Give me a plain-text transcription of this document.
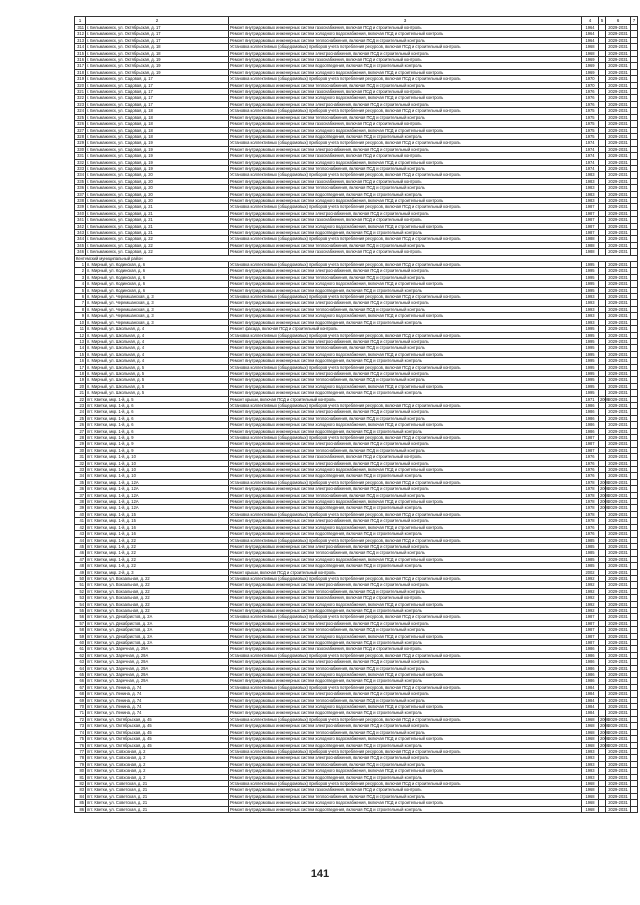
1	2	3	4	5	6	7
311	г. Бельмажинск, ул. Октябрьская, д. 17	Ремонт внутридомовых инженерных систем газоснабжения, включая ПСД и строительный контроль	1964		2029-2031	
312	г. Бельмажинск, ул. Октябрьская, д. 17	Ремонт внутридомовых инженерных систем холодного водоснабжения, включая ПСД и строительный контроль	1964		2029-2031	
313	г. Бельмажинск, ул. Октябрьская, д. 17	Ремонт внутридомовых инженерных систем теплоснабжения, включая ПСД и строительный контроль	1964		2029-2031	
314	г. Бельмажинск, ул. Октябрьская, д. 18	Установка коллективных (общедомовых) приборов учета потребления ресурсов, включая ПСД и строительный контроль	1968		2029-2031	
315	г. Бельмажинск, ул. Октябрьская, д. 18	Ремонт внутридомовых инженерных систем электроснабжения, включая ПСД и строительный контроль	1968		2029-2031	
316	г. Бельмажинск, ул. Октябрьская, д. 19	Ремонт внутридомовых инженерных систем газоснабжения, включая ПСД и строительный контроль	1969		2029-2031	
317	г. Бельмажинск, ул. Октябрьская, д. 19	Ремонт внутридомовых инженерных систем водоотведения, включая ПСД и строительный контроль	1969		2029-2031	
318	г. Бельмажинск, ул. Октябрьская, д. 19	Ремонт внутридомовых инженерных систем холодного водоснабжения, включая ПСД и строительный контроль	1969		2029-2031	
319	г. Бельмажинск, ул. Садовая, д. 17	Установка коллективных (общедомовых) приборов учета потребления ресурсов, включая ПСД и строительный контроль	1970		2029-2031	
320	г. Бельмажинск, ул. Садовая, д. 17	Ремонт внутридомовых инженерных систем теплоснабжения, включая ПСД и строительный контроль	1970		2029-2031	
321	г. Бельмажинск, ул. Садовая, д. 17	Ремонт внутридомовых инженерных систем газоснабжения, включая ПСД и строительный контроль	1976		2029-2031	
322	г. Бельмажинск, ул. Садовая, д. 17	Ремонт внутридомовых инженерных систем холодного водоснабжения, включая ПСД и строительный контроль	1976		2029-2031	
323	г. Бельмажинск, ул. Садовая, д. 17	Ремонт внутридомовых инженерных систем электроснабжения, включая ПСД и строительный контроль	1976		2029-2031	
324	г. Бельмажинск, ул. Садовая, д. 18	Установка коллективных (общедомовых) приборов учета потребления ресурсов, включая ПСД и строительный контроль	1975		2029-2031	
325	г. Бельмажинск, ул. Садовая, д. 18	Ремонт внутридомовых инженерных систем теплоснабжения, включая ПСД и строительный контроль	1975		2029-2031	
326	г. Бельмажинск, ул. Садовая, д. 18	Ремонт внутридомовых инженерных систем газоснабжения, включая ПСД и строительный контроль	1975		2029-2031	
327	г. Бельмажинск, ул. Садовая, д. 18	Ремонт внутридомовых инженерных систем холодного водоснабжения, включая ПСД и строительный контроль	1975		2029-2031	
328	г. Бельмажинск, ул. Садовая, д. 18	Ремонт внутридомовых инженерных систем водоотведения, включая ПСД и строительный контроль	1975		2029-2031	
329	г. Бельмажинск, ул. Садовая, д. 19	Установка коллективных (общедомовых) приборов учета потребления ресурсов, включая ПСД и строительный контроль	1974		2029-2031	
330	г. Бельмажинск, ул. Садовая, д. 19	Ремонт внутридомовых инженерных систем электроснабжения, включая ПСД и строительный контроль	1974		2029-2031	
331	г. Бельмажинск, ул. Садовая, д. 19	Ремонт внутридомовых инженерных систем газоснабжения, включая ПСД и строительный контроль	1974		2029-2031	
332	г. Бельмажинск, ул. Садовая, д. 19	Ремонт внутридомовых инженерных систем холодного водоснабжения, включая ПСД и строительный контроль	1974		2029-2031	
333	г. Бельмажинск, ул. Садовая, д. 19	Ремонт внутридомовых инженерных систем теплоснабжения, включая ПСД и строительный контроль	1974		2029-2031	
334	г. Бельмажинск, ул. Садовая, д. 20	Установка коллективных (общедомовых) приборов учета потребления ресурсов, включая ПСД и строительный контроль	1983		2029-2031	
335	г. Бельмажинск, ул. Садовая, д. 20	Ремонт внутридомовых инженерных систем газоснабжения, включая ПСД и строительный контроль	1983		2029-2031	
336	г. Бельмажинск, ул. Садовая, д. 20	Ремонт внутридомовых инженерных систем теплоснабжения, включая ПСД и строительный контроль	1983		2029-2031	
337	г. Бельмажинск, ул. Садовая, д. 20	Ремонт внутридомовых инженерных систем водоотведения, включая ПСД и строительный контроль	1983		2029-2031	
338	г. Бельмажинск, ул. Садовая, д. 20	Ремонт внутридомовых инженерных систем холодного водоснабжения, включая ПСД и строительный контроль	1983		2029-2031	
339	г. Бельмажинск, ул. Садовая, д. 21	Установка коллективных (общедомовых) приборов учета потребления ресурсов, включая ПСД и строительный контроль	1987		2029-2031	
340	г. Бельмажинск, ул. Садовая, д. 21	Ремонт внутридомовых инженерных систем электроснабжения, включая ПСД и строительный контроль	1987		2029-2031	
341	г. Бельмажинск, ул. Садовая, д. 21	Ремонт внутридомовых инженерных систем газоснабжения, включая ПСД и строительный контроль	1987		2029-2031	
342	г. Бельмажинск, ул. Садовая, д. 21	Ремонт внутридомовых инженерных систем холодного водоснабжения, включая ПСД и строительный контроль	1987		2029-2031	
343	г. Бельмажинск, ул. Садовая, д. 21	Ремонт внутридомовых инженерных систем водоотведения, включая ПСД и строительный контроль	1987		2029-2031	
344	г. Бельмажинск, ул. Садовая, д. 22	Установка коллективных (общедомовых) приборов учета потребления ресурсов, включая ПСД и строительный контроль	1988		2029-2031	
345	г. Бельмажинск, ул. Садовая, д. 22	Ремонт внутридомовых инженерных систем теплоснабжения, включая ПСД и строительный контроль	1988		2029-2031	
346	г. Бельмажинск, ул. Садовая, д. 22	Ремонт внутридомовых инженерных систем газоснабжения, включая ПСД и строительный контроль	1988		2029-2031	
Кентемский муниципальный район						
1	п. Мирный, ул. Кодинская, д. 6	Установка коллективных (общедомовых) приборов учета потребления ресурсов, включая ПСД и строительный контроль	1995		2029-2031	
2	п. Мирный, ул. Кодинская, д. 6	Ремонт внутридомовых инженерных систем электроснабжения, включая ПСД и строительный контроль	1995		2029-2031	
3	п. Мирный, ул. Кодинская, д. 6	Ремонт внутридомовых инженерных систем теплоснабжения, включая ПСД и строительный контроль	1995		2029-2031	
4	п. Мирный, ул. Кодинская, д. 6	Ремонт внутридомовых инженерных систем холодного водоснабжения, включая ПСД и строительный контроль	1995		2029-2031	
5	п. Мирный, ул. Кодинская, д. 6	Ремонт внутридомовых инженерных систем водоотведения, включая ПСД и строительный контроль	1995		2029-2031	
6	п. Мирный, ул. Черемшанская, д. 3	Установка коллективных (общедомовых) приборов учета потребления ресурсов, включая ПСД и строительный контроль	1993		2029-2031	
7	п. Мирный, ул. Черемшанская, д. 3	Ремонт внутридомовых инженерных систем электроснабжения, включая ПСД и строительный контроль	1993		2029-2031	
8	п. Мирный, ул. Черемшанская, д. 3	Ремонт внутридомовых инженерных систем теплоснабжения, включая ПСД и строительный контроль	1993		2029-2031	
9	п. Мирный, ул. Черемшанская, д. 3	Ремонт внутридомовых инженерных систем холодного водоснабжения, включая ПСД и строительный контроль	1993		2029-2031	
10	п. Мирный, ул. Черемшанская, д. 3	Ремонт внутридомовых инженерных систем водоотведения, включая ПСД и строительный контроль	1993		2029-2031	
11	п. Мирный, ул. Школьная, д. 4	Ремонт фасада, включая ПСД и строительный контроль	1995		2029-2031	
12	п. Мирный, ул. Школьная, д. 4	Установка коллективных (общедомовых) приборов учета потребления ресурсов, включая ПСД и строительный контроль	1995		2029-2031	
13	п. Мирный, ул. Школьная, д. 4	Ремонт внутридомовых инженерных систем электроснабжения, включая ПСД и строительный контроль	1995		2029-2031	
14	п. Мирный, ул. Школьная, д. 4	Ремонт внутридомовых инженерных систем теплоснабжения, включая ПСД и строительный контроль	1995		2029-2031	
15	п. Мирный, ул. Школьная, д. 4	Ремонт внутридомовых инженерных систем холодного водоснабжения, включая ПСД и строительный контроль	1995		2029-2031	
16	п. Мирный, ул. Школьная, д. 4	Ремонт внутридомовых инженерных систем водоотведения, включая ПСД и строительный контроль	1995		2029-2031	
17	п. Мирный, ул. Школьная, д. 5	Установка коллективных (общедомовых) приборов учета потребления ресурсов, включая ПСД и строительный контроль	1995		2029-2031	
18	п. Мирный, ул. Школьная, д. 5	Ремонт внутридомовых инженерных систем электроснабжения, включая ПСД и строительный контроль	1995		2029-2031	
19	п. Мирный, ул. Школьная, д. 5	Ремонт внутридомовых инженерных систем теплоснабжения, включая ПСД и строительный контроль	1995		2029-2031	
20	п. Мирный, ул. Школьная, д. 5	Ремонт внутридомовых инженерных систем холодного водоснабжения, включая ПСД и строительный контроль	1995		2029-2031	
21	п. Мирный, ул. Школьная, д. 5	Ремонт внутридомовых инженерных систем водоотведения, включая ПСД и строительный контроль	1995		2029-2031	
22	пгт. Кветки, мкр. 1-й, д. 5	Ремонт крыши, включая ПСД и строительный контроль	1971	2009	2029-2031	
23	пгт. Кветки, мкр. 1-й, д. 6	Установка коллективных (общедомовых) приборов учета потребления ресурсов, включая ПСД и строительный контроль	1986		2029-2031	
24	пгт. Кветки, мкр. 1-й, д. 6	Ремонт внутридомовых инженерных систем электроснабжения, включая ПСД и строительный контроль	1986		2029-2031	
25	пгт. Кветки, мкр. 1-й, д. 6	Ремонт внутридомовых инженерных систем теплоснабжения, включая ПСД и строительный контроль	1986		2029-2031	
26	пгт. Кветки, мкр. 1-й, д. 6	Ремонт внутридомовых инженерных систем холодного водоснабжения, включая ПСД и строительный контроль	1986		2029-2031	
27	пгт. Кветки, мкр. 1-й, д. 6	Ремонт внутридомовых инженерных систем водоотведения, включая ПСД и строительный контроль	1986		2029-2031	
28	пгт. Кветки, мкр. 1-й, д. 9	Установка коллективных (общедомовых) приборов учета потребления ресурсов, включая ПСД и строительный контроль	1987		2029-2031	
29	пгт. Кветки, мкр. 1-й, д. 9	Ремонт внутридомовых инженерных систем электроснабжения, включая ПСД и строительный контроль	1987		2029-2031	
30	пгт. Кветки, мкр. 1-й, д. 9	Ремонт внутридомовых инженерных систем теплоснабжения, включая ПСД и строительный контроль	1987		2029-2031	
31	пгт. Кветки, мкр. 1-й, д. 10	Ремонт внутридомовых инженерных систем газоснабжения, включая ПСД и строительный контроль	1976		2029-2031	
32	пгт. Кветки, мкр. 1-й, д. 10	Ремонт внутридомовых инженерных систем электроснабжения, включая ПСД и строительный контроль	1976		2029-2031	
33	пгт. Кветки, мкр. 1-й, д. 10	Ремонт внутридомовых инженерных систем холодного водоснабжения, включая ПСД и строительный контроль	1976		2029-2031	
34	пгт. Кветки, мкр. 1-й, д. 10	Ремонт внутридомовых инженерных систем водоотведения, включая ПСД и строительный контроль	1976		2029-2031	
35	пгт. Кветки, мкр. 1-й, д. 12А	Установка коллективных (общедомовых) приборов учета потребления ресурсов, включая ПСД и строительный контроль	1978	2008	2029-2031	
36	пгт. Кветки, мкр. 1-й, д. 12А	Ремонт внутридомовых инженерных систем электроснабжения, включая ПСД и строительный контроль	1978	2008	2029-2031	
37	пгт. Кветки, мкр. 1-й, д. 12А	Ремонт внутридомовых инженерных систем теплоснабжения, включая ПСД и строительный контроль	1978	2008	2029-2031	
38	пгт. Кветки, мкр. 1-й, д. 12А	Ремонт внутридомовых инженерных систем холодного водоснабжения, включая ПСД и строительный контроль	1978	2008	2029-2031	
39	пгт. Кветки, мкр. 1-й, д. 12А	Ремонт внутридомовых инженерных систем водоотведения, включая ПСД и строительный контроль	1978	2008	2029-2031	
40	пгт. Кветки, мкр. 1-й, д. 15	Установка коллективных (общедомовых) приборов учета потребления ресурсов, включая ПСД и строительный контроль	1978		2029-2031	
41	пгт. Кветки, мкр. 1-й, д. 15	Ремонт внутридомовых инженерных систем электроснабжения, включая ПСД и строительный контроль	1978		2029-2031	
42	пгт. Кветки, мкр. 1-й, д. 16	Ремонт внутридомовых инженерных систем холодного водоснабжения, включая ПСД и строительный контроль	1976		2029-2031	
43	пгт. Кветки, мкр. 1-й, д. 16	Ремонт внутридомовых инженерных систем водоотведения, включая ПСД и строительный контроль	1976		2029-2031	
44	пгт. Кветки, мкр. 1-й, д. 22	Установка коллективных (общедомовых) приборов учета потребления ресурсов, включая ПСД и строительный контроль	1985		2029-2031	
45	пгт. Кветки, мкр. 1-й, д. 22	Ремонт внутридомовых инженерных систем электроснабжения, включая ПСД и строительный контроль	1985		2029-2031	
46	пгт. Кветки, мкр. 1-й, д. 22	Ремонт внутридомовых инженерных систем теплоснабжения, включая ПСД и строительный контроль	1985		2029-2031	
47	пгт. Кветки, мкр. 1-й, д. 22	Ремонт внутридомовых инженерных систем холодного водоснабжения, включая ПСД и строительный контроль	1985		2029-2031	
48	пгт. Кветки, мкр. 1-й, д. 22	Ремонт внутридомовых инженерных систем водоотведения, включая ПСД и строительный контроль	1985		2029-2031	
49	пгт. Кветки, мкр. 2-й, д. 3	Ремонт крыши, включая ПСД и строительный контроль	2002		2029-2031	
50	пгт. Кветки, ул. Вокзальная, д. 22	Установка коллективных (общедомовых) приборов учета потребления ресурсов, включая ПСД и строительный контроль	1992		2029-2031	
51	пгт. Кветки, ул. Вокзальная, д. 22	Ремонт внутридомовых инженерных систем электроснабжения, включая ПСД и строительный контроль	1992		2029-2031	
52	пгт. Кветки, ул. Вокзальная, д. 22	Ремонт внутридомовых инженерных систем теплоснабжения, включая ПСД и строительный контроль	1992		2029-2031	
53	пгт. Кветки, ул. Вокзальная, д. 22	Ремонт внутридомовых инженерных систем газоснабжения, включая ПСД и строительный контроль	1992		2029-2031	
54	пгт. Кветки, ул. Вокзальная, д. 22	Ремонт внутридомовых инженерных систем холодного водоснабжения, включая ПСД и строительный контроль	1992		2029-2031	
55	пгт. Кветки, ул. Вокзальная, д. 22	Ремонт внутридомовых инженерных систем водоотведения, включая ПСД и строительный контроль	1992		2029-2031	
56	пгт. Кветки, ул. Декабристов, д. 2А	Установка коллективных (общедомовых) приборов учета потребления ресурсов, включая ПСД и строительный контроль	1987		2029-2031	
57	пгт. Кветки, ул. Декабристов, д. 2А	Ремонт внутридомовых инженерных систем электроснабжения, включая ПСД и строительный контроль	1987		2029-2031	
58	пгт. Кветки, ул. Декабристов, д. 2А	Ремонт внутридомовых инженерных систем теплоснабжения, включая ПСД и строительный контроль	1987		2029-2031	
59	пгт. Кветки, ул. Декабристов, д. 2А	Ремонт внутридомовых инженерных систем холодного водоснабжения, включая ПСД и строительный контроль	1987		2029-2031	
60	пгт. Кветки, ул. Декабристов, д. 2А	Ремонт внутридомовых инженерных систем водоотведения, включая ПСД и строительный контроль	1987		2029-2031	
61	пгт. Кветки, ул. Заречная, д. 29А	Ремонт внутридомовых инженерных систем газоснабжения, включая ПСД и строительный контроль	1986		2029-2031	
62	пгт. Кветки, ул. Заречная, д. 29А	Установка коллективных (общедомовых) приборов учета потребления ресурсов, включая ПСД и строительный контроль	1986		2029-2031	
63	пгт. Кветки, ул. Заречная, д. 29А	Ремонт внутридомовых инженерных систем электроснабжения, включая ПСД и строительный контроль	1986		2029-2031	
64	пгт. Кветки, ул. Заречная, д. 29А	Ремонт внутридомовых инженерных систем теплоснабжения, включая ПСД и строительный контроль	1986		2029-2031	
65	пгт. Кветки, ул. Заречная, д. 29А	Ремонт внутридомовых инженерных систем холодного водоснабжения, включая ПСД и строительный контроль	1986		2029-2031	
66	пгт. Кветки, ул. Заречная, д. 29А	Ремонт внутридомовых инженерных систем водоотведения, включая ПСД и строительный контроль	1986		2029-2031	
67	пгт. Кветки, ул. Ленина, д. 74	Установка коллективных (общедомовых) приборов учета потребления ресурсов, включая ПСД и строительный контроль	1984		2029-2031	
68	пгт. Кветки, ул. Ленина, д. 74	Ремонт внутридомовых инженерных систем электроснабжения, включая ПСД и строительный контроль	1984		2029-2031	
69	пгт. Кветки, ул. Ленина, д. 74	Ремонт внутридомовых инженерных систем теплоснабжения, включая ПСД и строительный контроль	1984		2029-2031	
70	пгт. Кветки, ул. Ленина, д. 74	Ремонт внутридомовых инженерных систем холодного водоснабжения, включая ПСД и строительный контроль	1984		2029-2031	
71	пгт. Кветки, ул. Ленина, д. 74	Ремонт внутридомовых инженерных систем водоотведения, включая ПСД и строительный контроль	1984		2029-2031	
72	пгт. Кветки, ул. Октябрьская, д. 45	Установка коллективных (общедомовых) приборов учета потребления ресурсов, включая ПСД и строительный контроль	1968	2008	2029-2031	
73	пгт. Кветки, ул. Октябрьская, д. 45	Ремонт внутридомовых инженерных систем электроснабжения, включая ПСД и строительный контроль	1968	2008	2029-2031	
74	пгт. Кветки, ул. Октябрьская, д. 45	Ремонт внутридомовых инженерных систем теплоснабжения, включая ПСД и строительный контроль	1968	2008	2029-2031	
75	пгт. Кветки, ул. Октябрьская, д. 45	Ремонт внутридомовых инженерных систем холодного водоснабжения, включая ПСД и строительный контроль	1968	2008	2029-2031	
76	пгт. Кветки, ул. Октябрьская, д. 45	Ремонт внутридомовых инженерных систем водоотведения, включая ПСД и строительный контроль	1968	2008	2029-2031	
77	пгт. Кветки, ул. Совхозная, д. 2	Установка коллективных (общедомовых) приборов учета потребления ресурсов, включая ПСД и строительный контроль	1993		2029-2031	
78	пгт. Кветки, ул. Совхозная, д. 2	Ремонт внутридомовых инженерных систем электроснабжения, включая ПСД и строительный контроль	1993		2029-2031	
79	пгт. Кветки, ул. Совхозная, д. 2	Ремонт внутридомовых инженерных систем теплоснабжения, включая ПСД и строительный контроль	1993		2029-2031	
80	пгт. Кветки, ул. Совхозная, д. 2	Ремонт внутридомовых инженерных систем холодного водоснабжения, включая ПСД и строительный контроль	1993		2029-2031	
81	пгт. Кветки, ул. Совхозная, д. 2	Ремонт внутридомовых инженерных систем водоотведения, включая ПСД и строительный контроль	1993		2029-2031	
82	пгт. Кветки, ул. Советская, д. 21	Установка коллективных (общедомовых) приборов учета потребления ресурсов, включая ПСД и строительный контроль	1968		2029-2031	
83	пгт. Кветки, ул. Советская, д. 21	Ремонт внутридомовых инженерных систем газоснабжения, включая ПСД и строительный контроль	1968		2029-2031	
84	пгт. Кветки, ул. Советская, д. 21	Ремонт внутридомовых инженерных систем теплоснабжения, включая ПСД и строительный контроль	1968		2029-2031	
85	пгт. Кветки, ул. Советская, д. 21	Ремонт внутридомовых инженерных систем холодного водоснабжения, включая ПСД и строительный контроль	1968		2029-2031	
86	пгт. Кветки, ул. Советская, д. 21	Ремонт внутридомовых инженерных систем водоотведения, включая ПСД и строительный контроль	1968		2029-2031	
141
